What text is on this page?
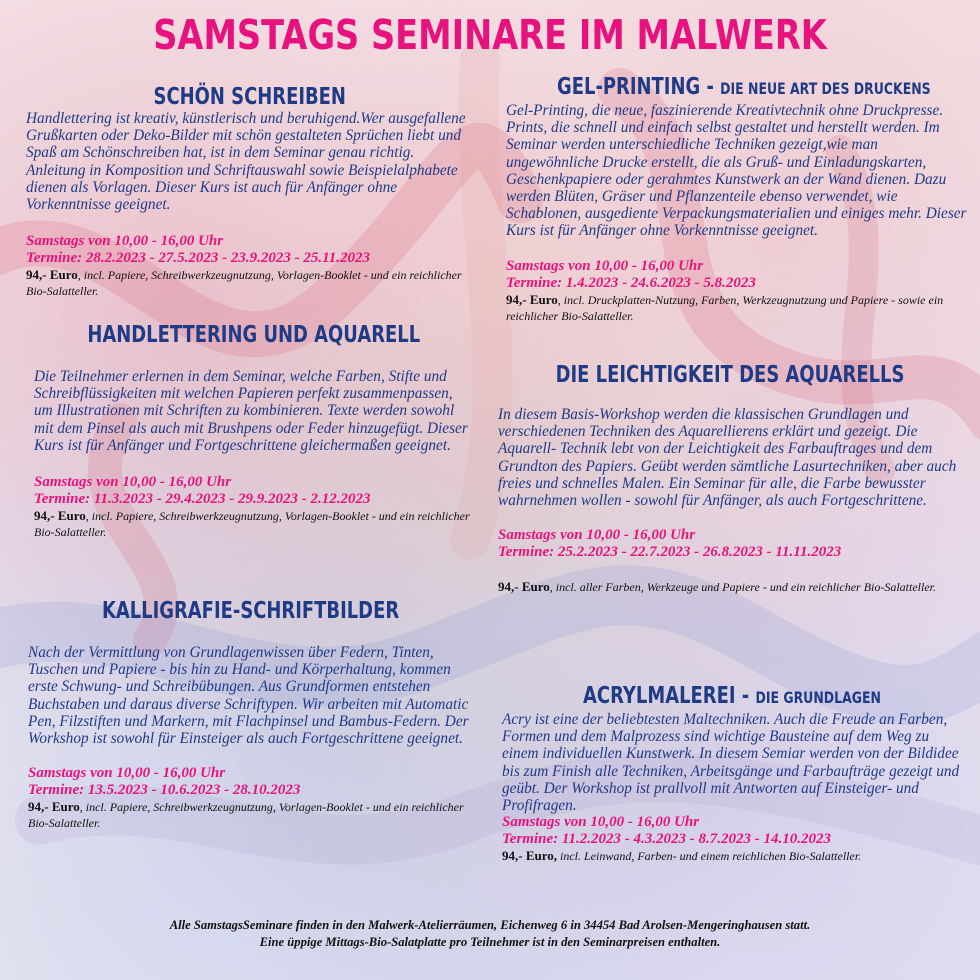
SAMSTAGS SEMINARE IM MALWERK
SCHÖN SCHREIBEN

Handlettering ist kreativ, künstlerisch und beruhigend.Wer ausgefallene Grußkarten oder Deko-Bilder mit schön gestalteten Sprüchen liebt und Spaß am Schönschreiben hat, ist in dem Seminar genau richtig. Anleitung in Komposition und Schriftauswahl sowie Beispielalphabete dienen als Vorlagen. Dieser Kurs ist auch für Anfänger ohne Vorkenntnisse geeignet.

Samstags von 10,00 - 16,00 Uhr

Termine: 28.2.2023 - 27.5.2023 - 23.9.2023 - 25.11.2023

94,- Euro, incl. Papiere, Schreibwerkzeugnutzung, Vorlagen-Booklet - und ein reichlicher Bio-Salatteller.

HANDLETTERING UND AQUARELL

Die Teilnehmer erlernen in dem Seminar, welche Farben, Stifte und Schreibflüssigkeiten mit welchen Papieren perfekt zusammenpassen, um Illustrationen mit Schriften zu kombinieren. Texte werden sowohl mit dem Pinsel als auch mit Brushpens oder Feder hinzugefügt. Dieser Kurs ist für Anfänger und Fortgeschrittene gleichermaßen geeignet.

Samstags von 10,00 - 16,00 Uhr

Termine: 11.3.2023 - 29.4.2023 - 29.9.2023 - 2.12.2023

94,- Euro, incl. Papiere, Schreibwerkzeugnutzung, Vorlagen-Booklet - und ein reichlicher Bio-Salatteller.

KALLIGRAFIE-SCHRIFTBILDER

Nach der Vermittlung von Grundlagenwissen über Federn, Tinten, Tuschen und Papiere - bis hin zu Hand- und Körperhaltung, kommen erste Schwung- und Schreibübungen. Aus Grundformen entstehen Buchstaben und daraus diverse Schriftypen. Wir arbeiten mit Automatic Pen, Filzstiften und Markern, mit Flachpinsel und Bambus-Federn. Der Workshop ist sowohl für Einsteiger als auch Fortgeschrittene geeignet.

Samstags von 10,00 - 16,00 Uhr

Termine: 13.5.2023 - 10.6.2023 - 28.10.2023

94,- Euro, incl. Papiere, Schreibwerkzeugnutzung, Vorlagen-Booklet - und ein reichlicher Bio-Salatteller.

GEL-PRINTING - DIE NEUE ART DES DRUCKENS

Gel-Printing, die neue, faszinierende Kreativtechnik ohne Druckpresse. Prints, die schnell und einfach selbst gestaltet und herstellt werden. Im Seminar werden unterschiedliche Techniken gezeigt,wie man ungewöhnliche Drucke erstellt, die als Gruß- und Einladungskarten, Geschenkpapiere oder gerahmtes Kunstwerk an der Wand dienen. Dazu werden Blüten, Gräser und Pflanzenteile ebenso verwendet, wie Schablonen, ausgediente Verpackungsmaterialien und einiges mehr. Dieser Kurs ist für Anfänger ohne Vorkenntnisse geeignet.

Samstags von 10,00 - 16,00 Uhr

Termine: 1.4.2023 - 24.6.2023 - 5.8.2023

94,- Euro, incl. Druckplatten-Nutzung, Farben, Werkzeugnutzung und Papiere - sowie ein reichlicher Bio-Salatteller.

DIE LEICHTIGKEIT DES AQUARELLS

In diesem Basis-Workshop werden die klassischen Grundlagen und verschiedenen Techniken des Aquarellierens erklärt und gezeigt. Die Aquarell- Technik lebt von der Leichtigkeit des Farbauftrages und dem Grundton des Papiers. Geübt werden sämtliche Lasurtechniken, aber auch freies und schnelles Malen. Ein Seminar für alle, die Farbe bewusster wahrnehmen wollen - sowohl für Anfänger, als auch Fortgeschrittene.

Samstags von 10,00 - 16,00 Uhr

Termine: 25.2.2023 - 22.7.2023 - 26.8.2023 - 11.11.2023

94,- Euro, incl. aller Farben, Werkzeuge und Papiere - und ein reichlicher Bio-Salatteller.

ACRYLMALEREI - DIE GRUNDLAGEN

Acry ist eine der beliebtesten Maltechniken. Auch die Freude an Farben, Formen und dem Malprozess sind wichtige Bausteine auf dem Weg zu einem individuellen Kunstwerk. In diesem Semiar werden von der Bildidee bis zum Finish alle Techniken, Arbeitsgänge und Farbaufträge gezeigt und geübt. Der Workshop ist prallvoll mit Antworten auf Einsteiger- und Profifragen.

Samstags von 10,00 - 16,00 Uhr

Termine: 11.2.2023 - 4.3.2023 - 8.7.2023 - 14.10.2023

94,- Euro, incl. Leinwand, Farben- und einem reichlichen Bio-Salatteller.

Alle SamstagsSeminare finden in den Malwerk-Atelierräumen, Eichenweg 6 in 34454 Bad Arolsen-Mengeringhausen statt.
Eine üppige Mittags-Bio-Salatplatte pro Teilnehmer ist in den Seminarpreisen enthalten.
